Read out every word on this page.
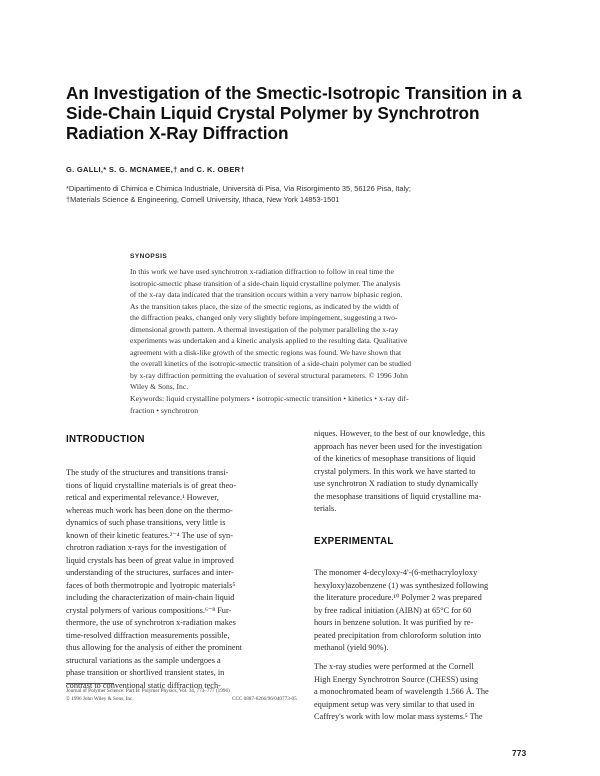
An Investigation of the Smectic-Isotropic Transition in a
Side-Chain Liquid Crystal Polymer by Synchrotron
Radiation X-Ray Diffraction
G. GALLI,* S. G. MCNAMEE,† and C. K. OBER†
*Dipartimento di Chimica e Chimica Industriale, Università di Pisa, Via Risorgimento 35, 56126 Pisa, Italy;
†Materials Science & Engineering, Cornell University, Ithaca, New York 14853-1501
SYNOPSIS

In this work we have used synchrotron x-radiation diffraction to follow in real time the
isotropic-smectic phase transition of a side-chain liquid crystalline polymer. The analysis
of the x-ray data indicated that the transition occurs within a very narrow biphasic region.
As the transition takes place, the size of the smectic regions, as indicated by the width of
the diffraction peaks, changed only very slightly before impingement, suggesting a two-
dimensional growth pattern. A thermal investigation of the polymer paralleling the x-ray
experiments was undertaken and a kinetic analysis applied to the resulting data. Qualitative
agreement with a disk-like growth of the smectic regions was found. We have shown that
the overall kinetics of the isotropic-smectic transition of a side-chain polymer can be studied
by x-ray diffraction permitting the evaluation of several structural parameters. © 1996 John
Wiley & Sons, Inc.

Keywords: liquid crystalline polymers • isotropic-smectic transition • kinetics • x-ray dif-
fraction • synchrotron

INTRODUCTION

The study of the structures and transitions transi-
tions of liquid crystalline materials is of great theo-
retical and experimental relevance.¹ However,
whereas much work has been done on the thermo-
dynamics of such phase transitions, very little is
known of their kinetic features.²⁻⁴ The use of syn-
chrotron radiation x-rays for the investigation of
liquid crystals has been of great value in improved
understanding of the structures, surfaces and inter-
faces of both thermotropic and lyotropic materials⁵
including the characterization of main-chain liquid
crystal polymers of various compositions.⁶⁻⁸ Fur-
thermore, the use of synchrotron x-radiation makes
time-resolved diffraction measurements possible,
thus allowing for the analysis of either the prominent
structural variations as the sample undergoes a
phase transition or shortlived transient states, in
contrast to conventional static diffraction tech-

niques. However, to the best of our knowledge, this
approach has never been used for the investigation
of the kinetics of mesophase transitions of liquid
crystal polymers. In this work we have started to
use synchrotron X radiation to study dynamically
the mesophase transitions of liquid crystalline ma-
terials.

EXPERIMENTAL

The monomer 4-decyloxy-4'-(6-methacryloyloxy
hexyloxy)azobenzene (1) was synthesized following
the literature procedure.¹⁰ Polymer 2 was prepared
by free radical initiation (AIBN) at 65°C for 60
hours in benzene solution. It was purified by re-
peated precipitation from chloroform solution into
methanol (yield 90%).

The x-ray studies were performed at the Cornell
High Energy Synchrotron Source (CHESS) using
a monochromated beam of wavelength 1.566 Å. The
equipment setup was very similar to that used in
Caffrey's work with low molar mass systems.⁵ The

Journal of Polymer Science: Part B: Polymer Physics, Vol. 34, 773–777 (1996)
© 1996 John Wiley & Sons, Inc.	CCC 0887-6266/96/040773-05
773
